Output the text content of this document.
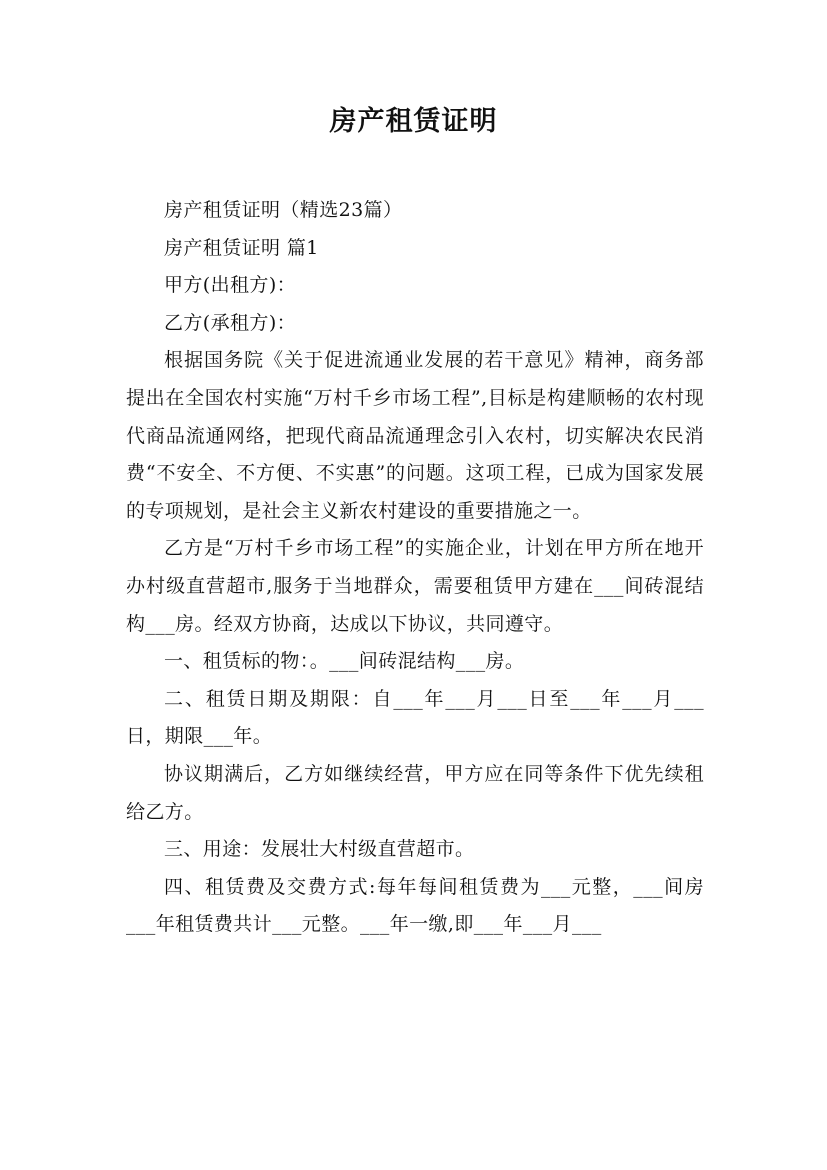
房产租赁证明

房产租赁证明（精选23篇）

房产租赁证明 篇1

甲方(出租方)：

乙方(承租方)：

根据国务院《关于促进流通业发展的若干意见》精神，商务部提出在全国农村实施“万村千乡市场工程”,目标是构建顺畅的农村现代商品流通网络，把现代商品流通理念引入农村，切实解决农民消费“不安全、不方便、不实惠”的问题。这项工程，已成为国家发展的专项规划，是社会主义新农村建设的重要措施之一。

乙方是“万村千乡市场工程”的实施企业，计划在甲方所在地开办村级直营超市,服务于当地群众，需要租赁甲方建在___间砖混结构___房。经双方协商，达成以下协议，共同遵守。

一、租赁标的物：。___间砖混结构___房。

二、租赁日期及期限：自___年___月___日至___年___月___日，期限___年。

协议期满后，乙方如继续经营，甲方应在同等条件下优先续租给乙方。

三、用途：发展壮大村级直营超市。

四、租赁费及交费方式:每年每间租赁费为___元整，___间房___年租赁费共计___元整。___年一缴,即___年___月___
